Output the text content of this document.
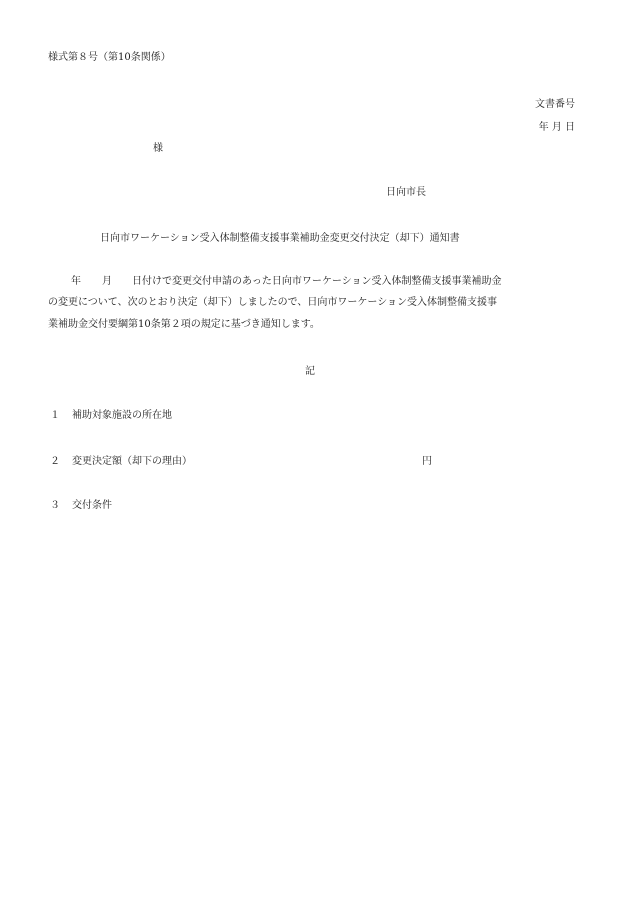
様式第８号（第10条関係）
文書番号
年 月 日
様
日向市長
日向市ワーケーション受入体制整備支援事業補助金変更交付決定（却下）通知書
年 月 日付けで変更交付申請のあった日向市ワーケーション受入体制整備支援事業補助金
の変更について、次のとおり決定（却下）しましたので、日向市ワーケーション受入体制整備支援事
業補助金交付要綱第10条第２項の規定に基づき通知します。
記
１ 補助対象施設の所在地
２ 変更決定額（却下の理由）	円
３ 交付条件
